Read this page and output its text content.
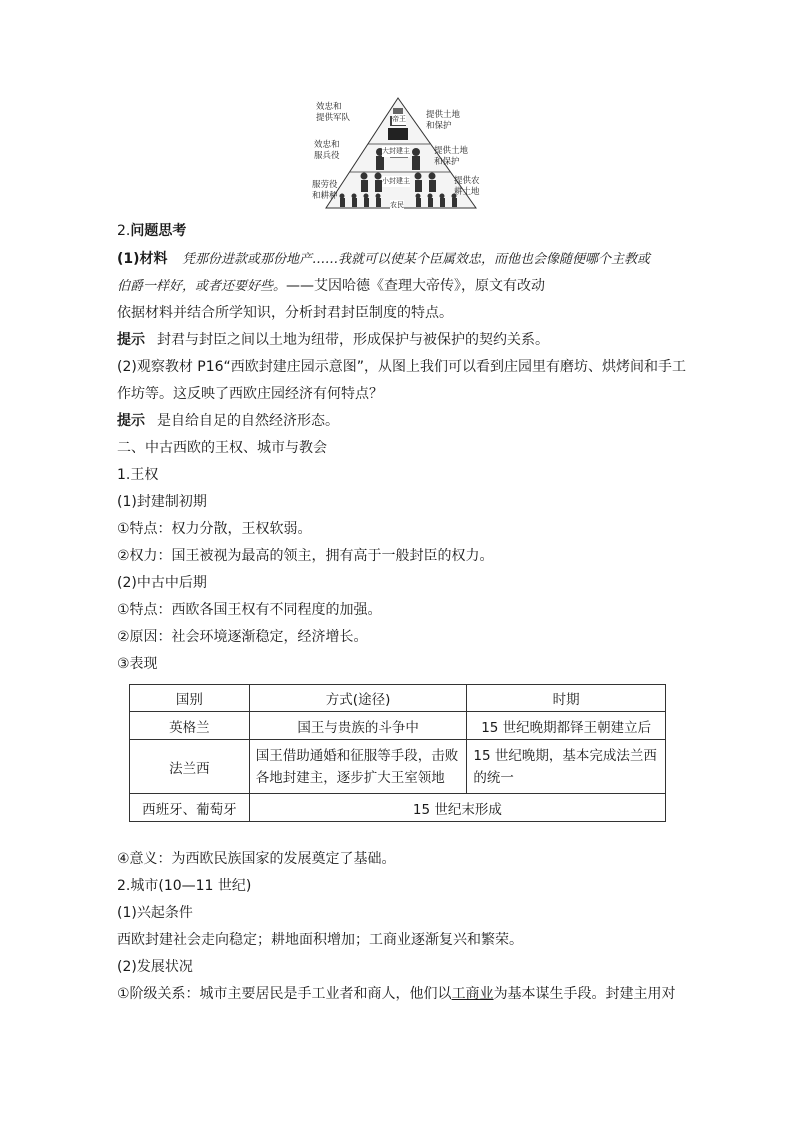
效忠和
提供军队	提供土地
和保护
效忠和
服兵役	提供土地
和保护
服劳役
和耕种
提供农
耕土地
帝王
大封建主
小封建主
农民
2.问题思考
(1)材料 凭那份进款或那份地产……我就可以使某个臣属效忠，而他也会像随便哪个主教或
伯爵一样好，或者还要好些。——艾因哈德《查理大帝传》，原文有改动
依据材料并结合所学知识，分析封君封臣制度的特点。
提示 封君与封臣之间以土地为纽带，形成保护与被保护的契约关系。
(2)观察教材 P16“西欧封建庄园示意图”，从图上我们可以看到庄园里有磨坊、烘烤间和手工
作坊等。这反映了西欧庄园经济有何特点？
提示 是自给自足的自然经济形态。
二、中古西欧的王权、城市与教会
1.王权
(1)封建制初期
①特点：权力分散，王权软弱。
②权力：国王被视为最高的领主，拥有高于一般封臣的权力。
(2)中古中后期
①特点：西欧各国王权有不同程度的加强。
②原因：社会环境逐渐稳定，经济增长。
③表现
国别	方式(途径)	时期
英格兰	国王与贵族的斗争中	15 世纪晚期都铎王朝建立后
法兰西	国王借助通婚和征服等手段，击败各地封建主，逐步扩大王室领地	15 世纪晚期，基本完成法兰西的统一
西班牙、葡萄牙	15 世纪末形成	
④意义：为西欧民族国家的发展奠定了基础。
2.城市(10—11 世纪)
(1)兴起条件
西欧封建社会走向稳定；耕地面积增加；工商业逐渐复兴和繁荣。
(2)发展状况
①阶级关系：城市主要居民是手工业者和商人，他们以工商业为基本谋生手段。封建主用对
